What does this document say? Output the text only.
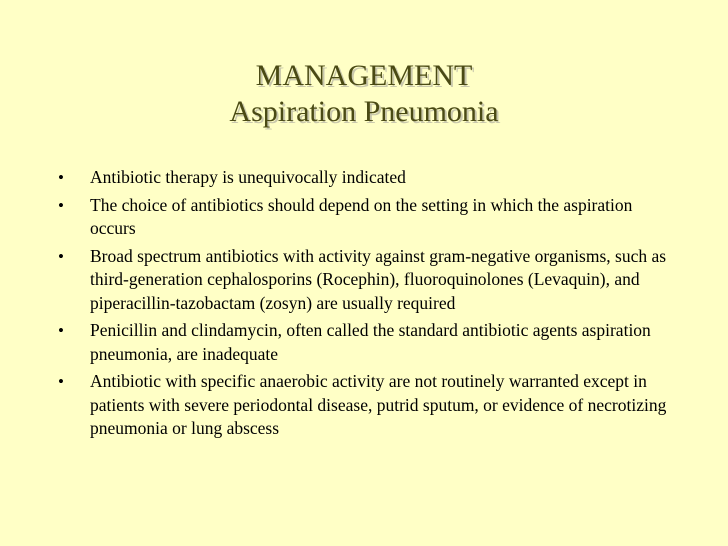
MANAGEMENT
Aspiration Pneumonia
• Antibiotic therapy is unequivocally indicated
• The choice of antibiotics should depend on the setting in which the aspiration occurs
• Broad spectrum antibiotics with activity against gram-negative organisms, such as third-generation cephalosporins (Rocephin), fluoroquinolones (Levaquin), and piperacillin-tazobactam (zosyn) are usually required
• Penicillin and clindamycin, often called the standard antibiotic agents aspiration pneumonia, are inadequate
• Antibiotic with specific anaerobic activity are not routinely warranted except in patients with severe periodontal disease, putrid sputum, or evidence of necrotizing pneumonia or lung abscess
